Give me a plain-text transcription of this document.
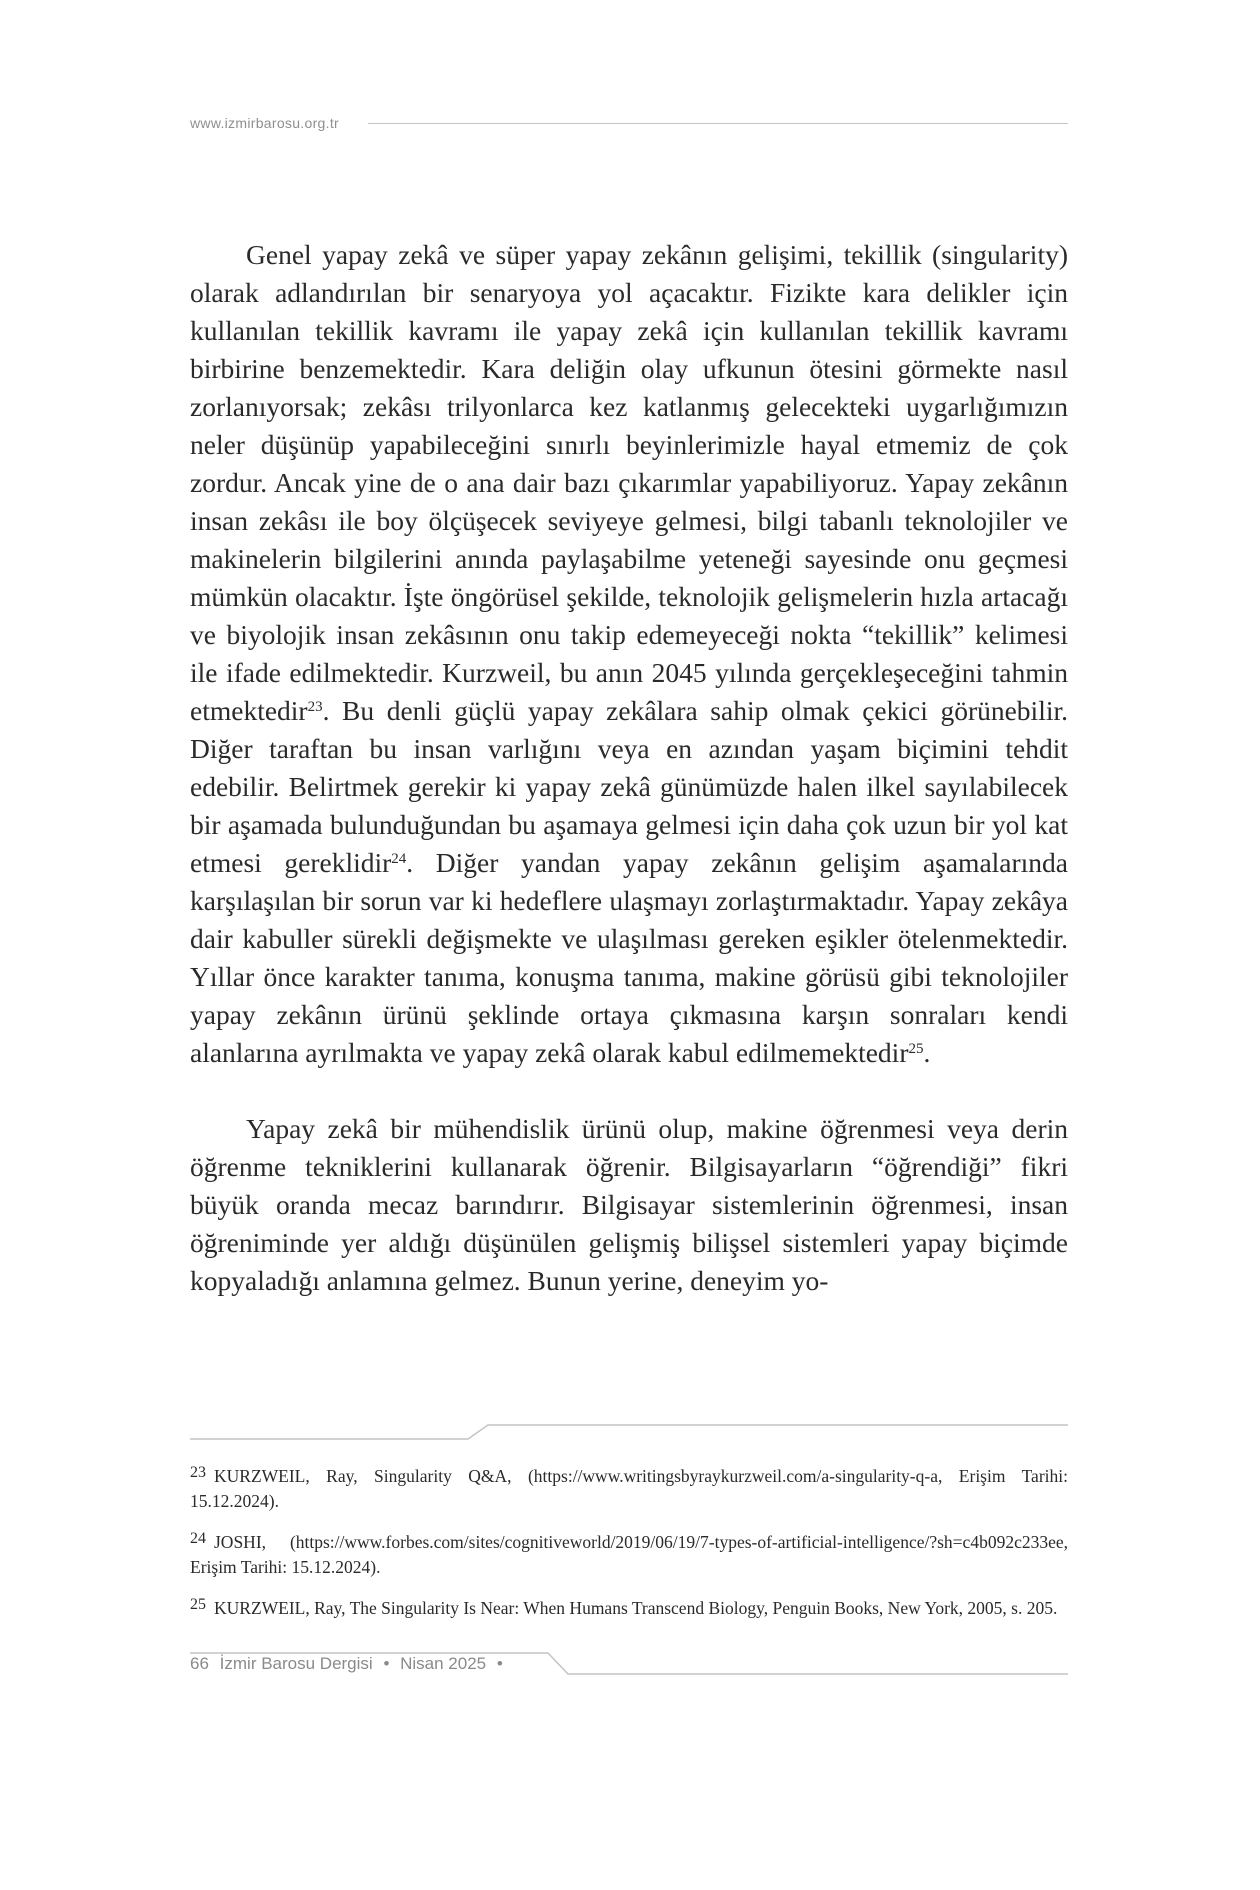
www.izmirbarosu.org.tr

Genel yapay zekâ ve süper yapay zekânın gelişimi, tekillik (singularity) olarak adlandırılan bir senaryoya yol açacaktır. Fizikte kara delikler için kullanılan tekillik kavramı ile yapay zekâ için kullanılan tekillik kavramı birbirine benzemektedir. Kara deliğin olay ufkunun ötesini görmekte nasıl zorlanıyorsak; zekâsı trilyonlarca kez katlanmış gelecekteki uygarlığımızın neler düşünüp yapabileceğini sınırlı beyinlerimizle hayal etmemiz de çok zordur. Ancak yine de o ana dair bazı çıkarımlar yapabiliyoruz. Yapay zekânın insan zekâsı ile boy ölçüşecek seviyeye gelmesi, bilgi tabanlı teknolojiler ve makinelerin bilgilerini anında paylaşabilme yeteneği sayesinde onu geçmesi mümkün olacaktır. İşte öngörüsel şekilde, teknolojik gelişmelerin hızla artacağı ve biyolojik insan zekâsının onu takip edemeyeceği nokta “tekillik” kelimesi ile ifade edilmektedir. Kurzweil, bu anın 2045 yılında gerçekleşeceğini tahmin etmektedir$^{23}$. Bu denli güçlü yapay zekâlara sahip olmak çekici görünebilir. Diğer taraftan bu insan varlığını veya en azından yaşam biçimini tehdit edebilir. Belirtmek gerekir ki yapay zekâ günümüzde halen ilkel sayılabilecek bir aşamada bulunduğundan bu aşamaya gelmesi için daha çok uzun bir yol kat etmesi gereklidir$^{24}$. Diğer yandan yapay zekânın gelişim aşamalarında karşılaşılan bir sorun var ki hedeflere ulaşmayı zorlaştırmaktadır. Yapay zekâya dair kabuller sürekli değişmekte ve ulaşılması gereken eşikler ötelenmektedir. Yıllar önce karakter tanıma, konuşma tanıma, makine görüsü gibi teknolojiler yapay zekânın ürünü şeklinde ortaya çıkmasına karşın sonraları kendi alanlarına ayrılmakta ve yapay zekâ olarak kabul edilmemektedir$^{25}$.

Yapay zekâ bir mühendislik ürünü olup, makine öğrenmesi veya derin öğrenme tekniklerini kullanarak öğrenir. Bilgisayarların “öğrendiği” fikri büyük oranda mecaz barındırır. Bilgisayar sistemlerinin öğrenmesi, insan öğreniminde yer aldığı düşünülen gelişmiş bilişsel sistemleri yapay biçimde kopyaladığı anlamına gelmez. Bunun yerine, deneyim yo-

23 KURZWEIL, Ray, Singularity Q&A, (https://www.writingsbyraykurzweil.com/a-singularity-q-a, Erişim Tarihi: 15.12.2024).

24 JOSHI, (https://www.forbes.com/sites/cognitiveworld/2019/06/19/7-types-of-artificial-intelligence/?sh=c4b092c233ee, Erişim Tarihi: 15.12.2024).

25 KURZWEIL, Ray, The Singularity Is Near: When Humans Transcend Biology, Penguin Books, New York, 2005, s. 205.

66 İzmir Barosu Dergisi • Nisan 2025 •
